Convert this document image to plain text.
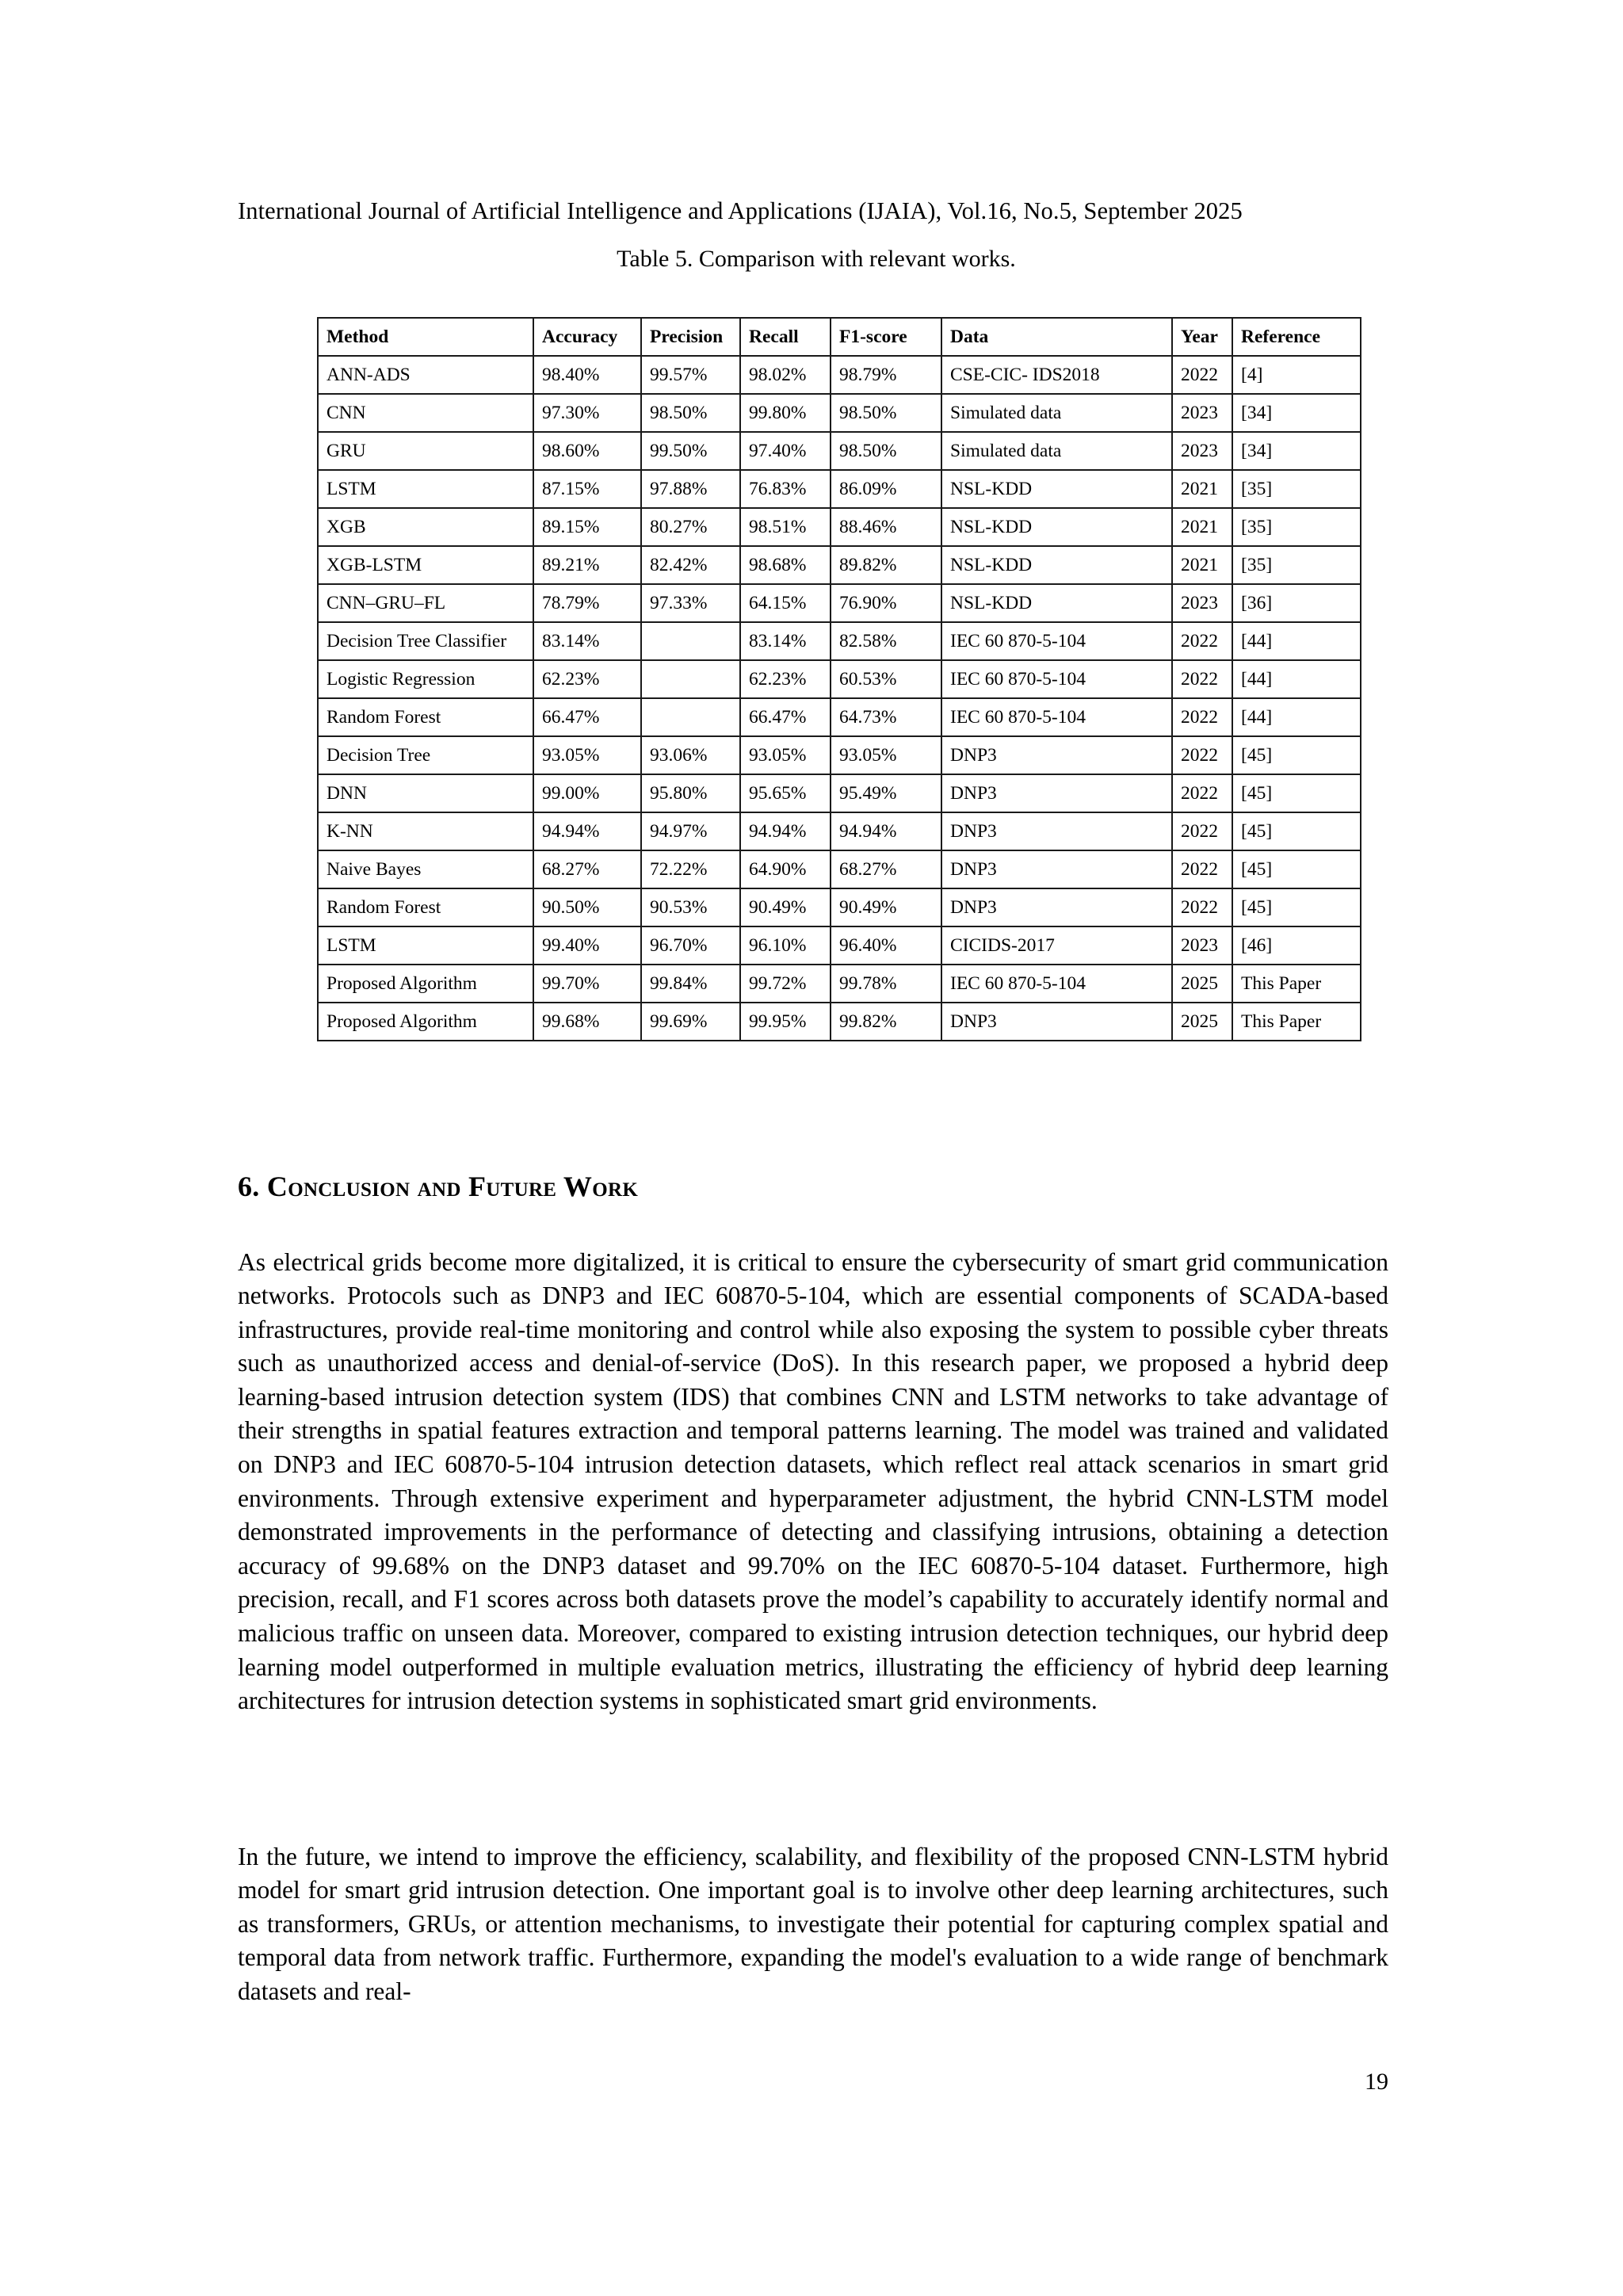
International Journal of Artificial Intelligence and Applications (IJAIA), Vol.16, No.5, September 2025
Table 5. Comparison with relevant works.
Method	Accuracy	Precision	Recall	F1-score	Data	Year	Reference
ANN-ADS	98.40%	99.57%	98.02%	98.79%	CSE-CIC- IDS2018	2022	[4]
CNN	97.30%	98.50%	99.80%	98.50%	Simulated data	2023	[34]
GRU	98.60%	99.50%	97.40%	98.50%	Simulated data	2023	[34]
LSTM	87.15%	97.88%	76.83%	86.09%	NSL-KDD	2021	[35]
XGB	89.15%	80.27%	98.51%	88.46%	NSL-KDD	2021	[35]
XGB-LSTM	89.21%	82.42%	98.68%	89.82%	NSL-KDD	2021	[35]
CNN–GRU–FL	78.79%	97.33%	64.15%	76.90%	NSL-KDD	2023	[36]
Decision Tree Classifier	83.14%		83.14%	82.58%	IEC 60 870-5-104	2022	[44]
Logistic Regression	62.23%		62.23%	60.53%	IEC 60 870-5-104	2022	[44]
Random Forest	66.47%		66.47%	64.73%	IEC 60 870-5-104	2022	[44]
Decision Tree	93.05%	93.06%	93.05%	93.05%	DNP3	2022	[45]
DNN	99.00%	95.80%	95.65%	95.49%	DNP3	2022	[45]
K-NN	94.94%	94.97%	94.94%	94.94%	DNP3	2022	[45]
Naive Bayes	68.27%	72.22%	64.90%	68.27%	DNP3	2022	[45]
Random Forest	90.50%	90.53%	90.49%	90.49%	DNP3	2022	[45]
LSTM	99.40%	96.70%	96.10%	96.40%	CICIDS-2017	2023	[46]
Proposed Algorithm	99.70%	99.84%	99.72%	99.78%	IEC 60 870-5-104	2025	This Paper
Proposed Algorithm	99.68%	99.69%	99.95%	99.82%	DNP3	2025	This Paper
6. Conclusion and Future Work

As electrical grids become more digitalized, it is critical to ensure the cybersecurity of smart grid communication networks. Protocols such as DNP3 and IEC 60870-5-104, which are essential components of SCADA-based infrastructures, provide real-time monitoring and control while also exposing the system to possible cyber threats such as unauthorized access and denial-of-service (DoS). In this research paper, we proposed a hybrid deep learning-based intrusion detection system (IDS) that combines CNN and LSTM networks to take advantage of their strengths in spatial features extraction and temporal patterns learning. The model was trained and validated on DNP3 and IEC 60870-5-104 intrusion detection datasets, which reflect real attack scenarios in smart grid environments. Through extensive experiment and hyperparameter adjustment, the hybrid CNN-LSTM model demonstrated improvements in the performance of detecting and classifying intrusions, obtaining a detection accuracy of 99.68% on the DNP3 dataset and 99.70% on the IEC 60870-5-104 dataset. Furthermore, high precision, recall, and F1 scores across both datasets prove the model’s capability to accurately identify normal and malicious traffic on unseen data. Moreover, compared to existing intrusion detection techniques, our hybrid deep learning model outperformed in multiple evaluation metrics, illustrating the efficiency of hybrid deep learning architectures for intrusion detection systems in sophisticated smart grid environments.

In the future, we intend to improve the efficiency, scalability, and flexibility of the proposed CNN-LSTM hybrid model for smart grid intrusion detection. One important goal is to involve other deep learning architectures, such as transformers, GRUs, or attention mechanisms, to investigate their potential for capturing complex spatial and temporal data from network traffic. Furthermore, expanding the model's evaluation to a wide range of benchmark datasets and real-

19
